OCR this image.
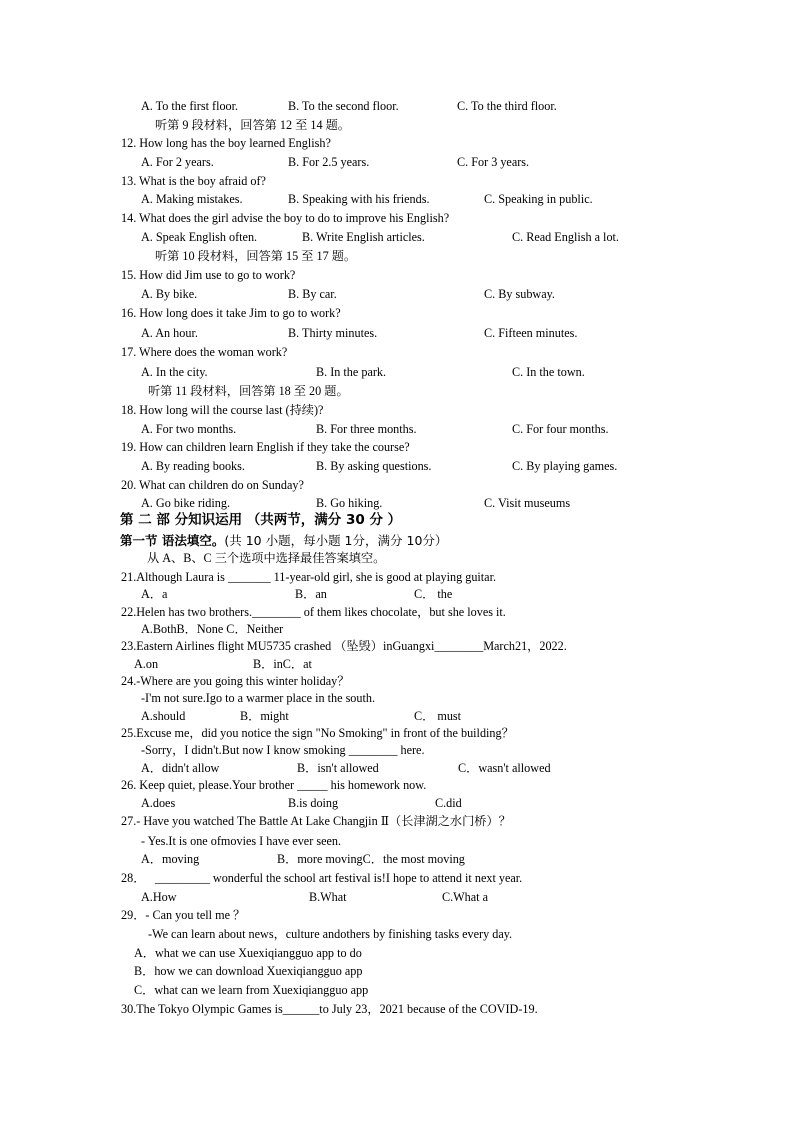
第 二 部 分知识运用 （共两节，满分 30 分 ）
第一节 语法填空。(共 10 小题，每小题 1分，满分 10分）
A. To the first floor.	B. To the second floor.	C. To the third floor.
听第 9 段材料，回答第 12 至 14 题。
12. How long has the boy learned English?
A. For 2 years.	B. For 2.5 years.	C. For 3 years.
13. What is the boy afraid of?
A. Making mistakes.	B. Speaking with his friends.	C. Speaking in public.
14. What does the girl advise the boy to do to improve his English?
A. Speak English often.	B. Write English articles.	C. Read English a lot.
听第 10 段材料，回答第 15 至 17 题。
15. How did Jim use to go to work?
A. By bike.	B. By car.	C. By subway.
16. How long does it take Jim to go to work?
A. An hour.	B. Thirty minutes.	C. Fifteen minutes.
17. Where does the woman work?
A. In the city.	B. In the park.	C. In the town.
听第 11 段材料，回答第 18 至 20 题。
18. How long will the course last (持续)?
A. For two months.	B. For three months.	C. For four months.
19. How can children learn English if they take the course?
A. By reading books.	B. By asking questions.	C. By playing games.
20. What can children do on Sunday?
A. Go bike riding.	B. Go hiking.	C. Visit museums
从 A、B、C 三个选项中选择最佳答案填空。
21.Although Laura is _______ 11-year-old girl, she is good at playing guitar.
A．a	B．an	C． the
22.Helen has two brothers.________ of them likes chocolate，but she loves it.
A.BothB．None C．Neither
23.Eastern Airlines flight MU5735 crashed （坠毁）inGuangxi________March21，2022.
A.on	B．inC．at
24.-Where are you going this winter holiday？
-I'm not sure.Igo to a warmer place in the south.
A.should	B．might	C． must
25.Excuse me，did you notice the sign "No Smoking" in front of the building？
-Sorry，I didn't.But now I know smoking ________ here.
A．didn't allow	B．isn't allowed	C．wasn't allowed
26. Keep quiet, please.Your brother _____ his homework now.
A.does	B.is doing	C.did
27.- Have you watched The Battle At Lake Changjin Ⅱ（长津湖之水门桥）？
- Yes.It is one ofmovies I have ever seen.
A．moving	B．more movingC．the most moving
28． _________ wonderful the school art festival is!I hope to attend it next year.
A.How	B.What	C.What a
29．- Can you tell me ？
-We can learn about news，culture andothers by finishing tasks every day.
A．what we can use Xuexiqiangguo app to do
B．how we can download Xuexiqiangguo app
C．what can we learn from Xuexiqiangguo app
30.The Tokyo Olympic Games is______to July 23，2021 because of the COVID-19.
